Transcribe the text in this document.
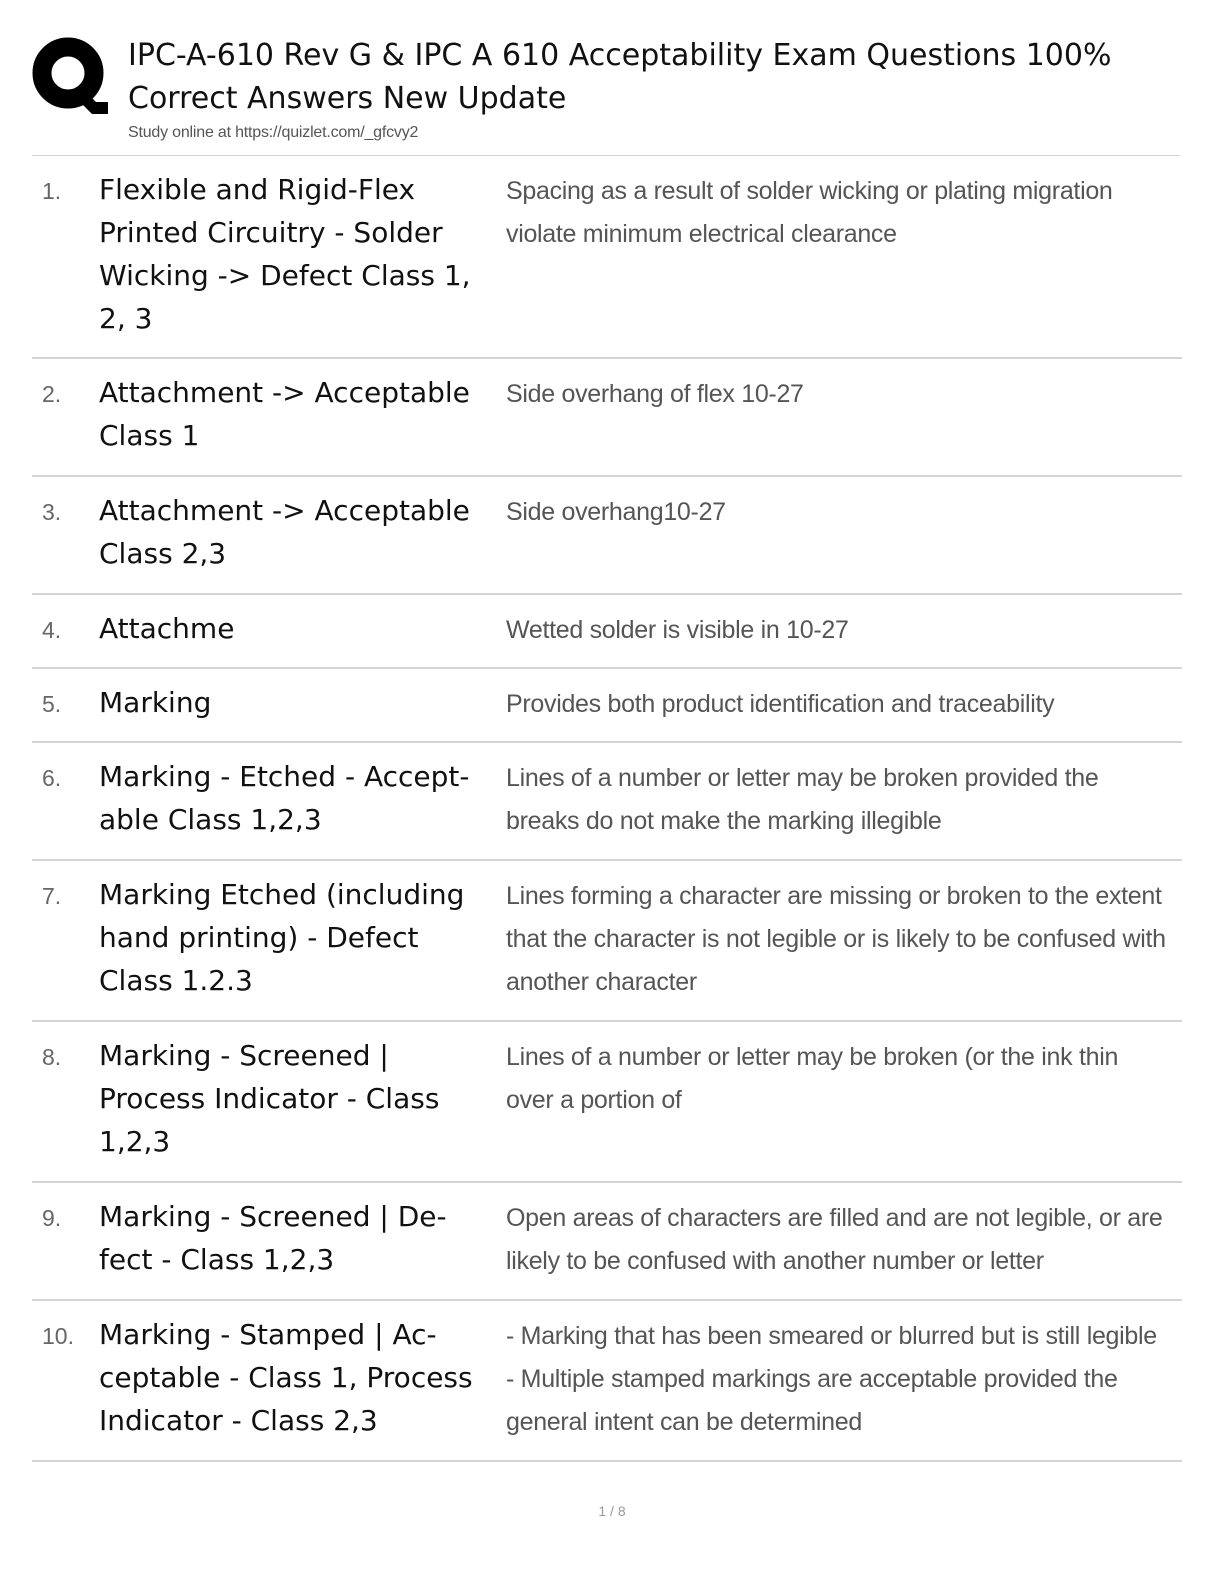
IPC-A-610 Rev G & IPC A 610 Acceptability Exam Questions 100% Correct Answers New Update
Study online at https://quizlet.com/_gfcvy2
1. Flexible and Rigid-Flex Printed Circuitry - Solder Wicking -> Defect Class 1, 2, 3
Spacing as a result of solder wicking or plating migration violate minimum electrical clearance
2. Attachment -> Acceptable Class 1
Side overhang of flex 10-27
3. Attachment -> Acceptable Class 2,3
Side overhang10-27
4. Attachme	Wetted solder is visible in 10-27
5. Marking	Provides both product identification and traceability
6. Marking - Etched - Accept-able Class 1,2,3
Lines of a number or letter may be broken provided the breaks do not make the marking illegible
7. Marking Etched (including hand printing) - Defect Class 1.2.3
Lines forming a character are missing or broken to the extent that the character is not legible or is likely to be confused with another character
8. Marking - Screened | Process Indicator - Class 1,2,3
Lines of a number or letter may be broken (or the ink thin over a portion of
9. Marking - Screened | De-fect - Class 1,2,3
Open areas of characters are filled and are not legible, or are likely to be confused with another number or letter
10. Marking - Stamped | Ac-ceptable - Class 1, Process Indicator - Class 2,3
- Marking that has been smeared or blurred but is still legible
- Multiple stamped markings are acceptable provided the general intent can be determined
1 / 8
